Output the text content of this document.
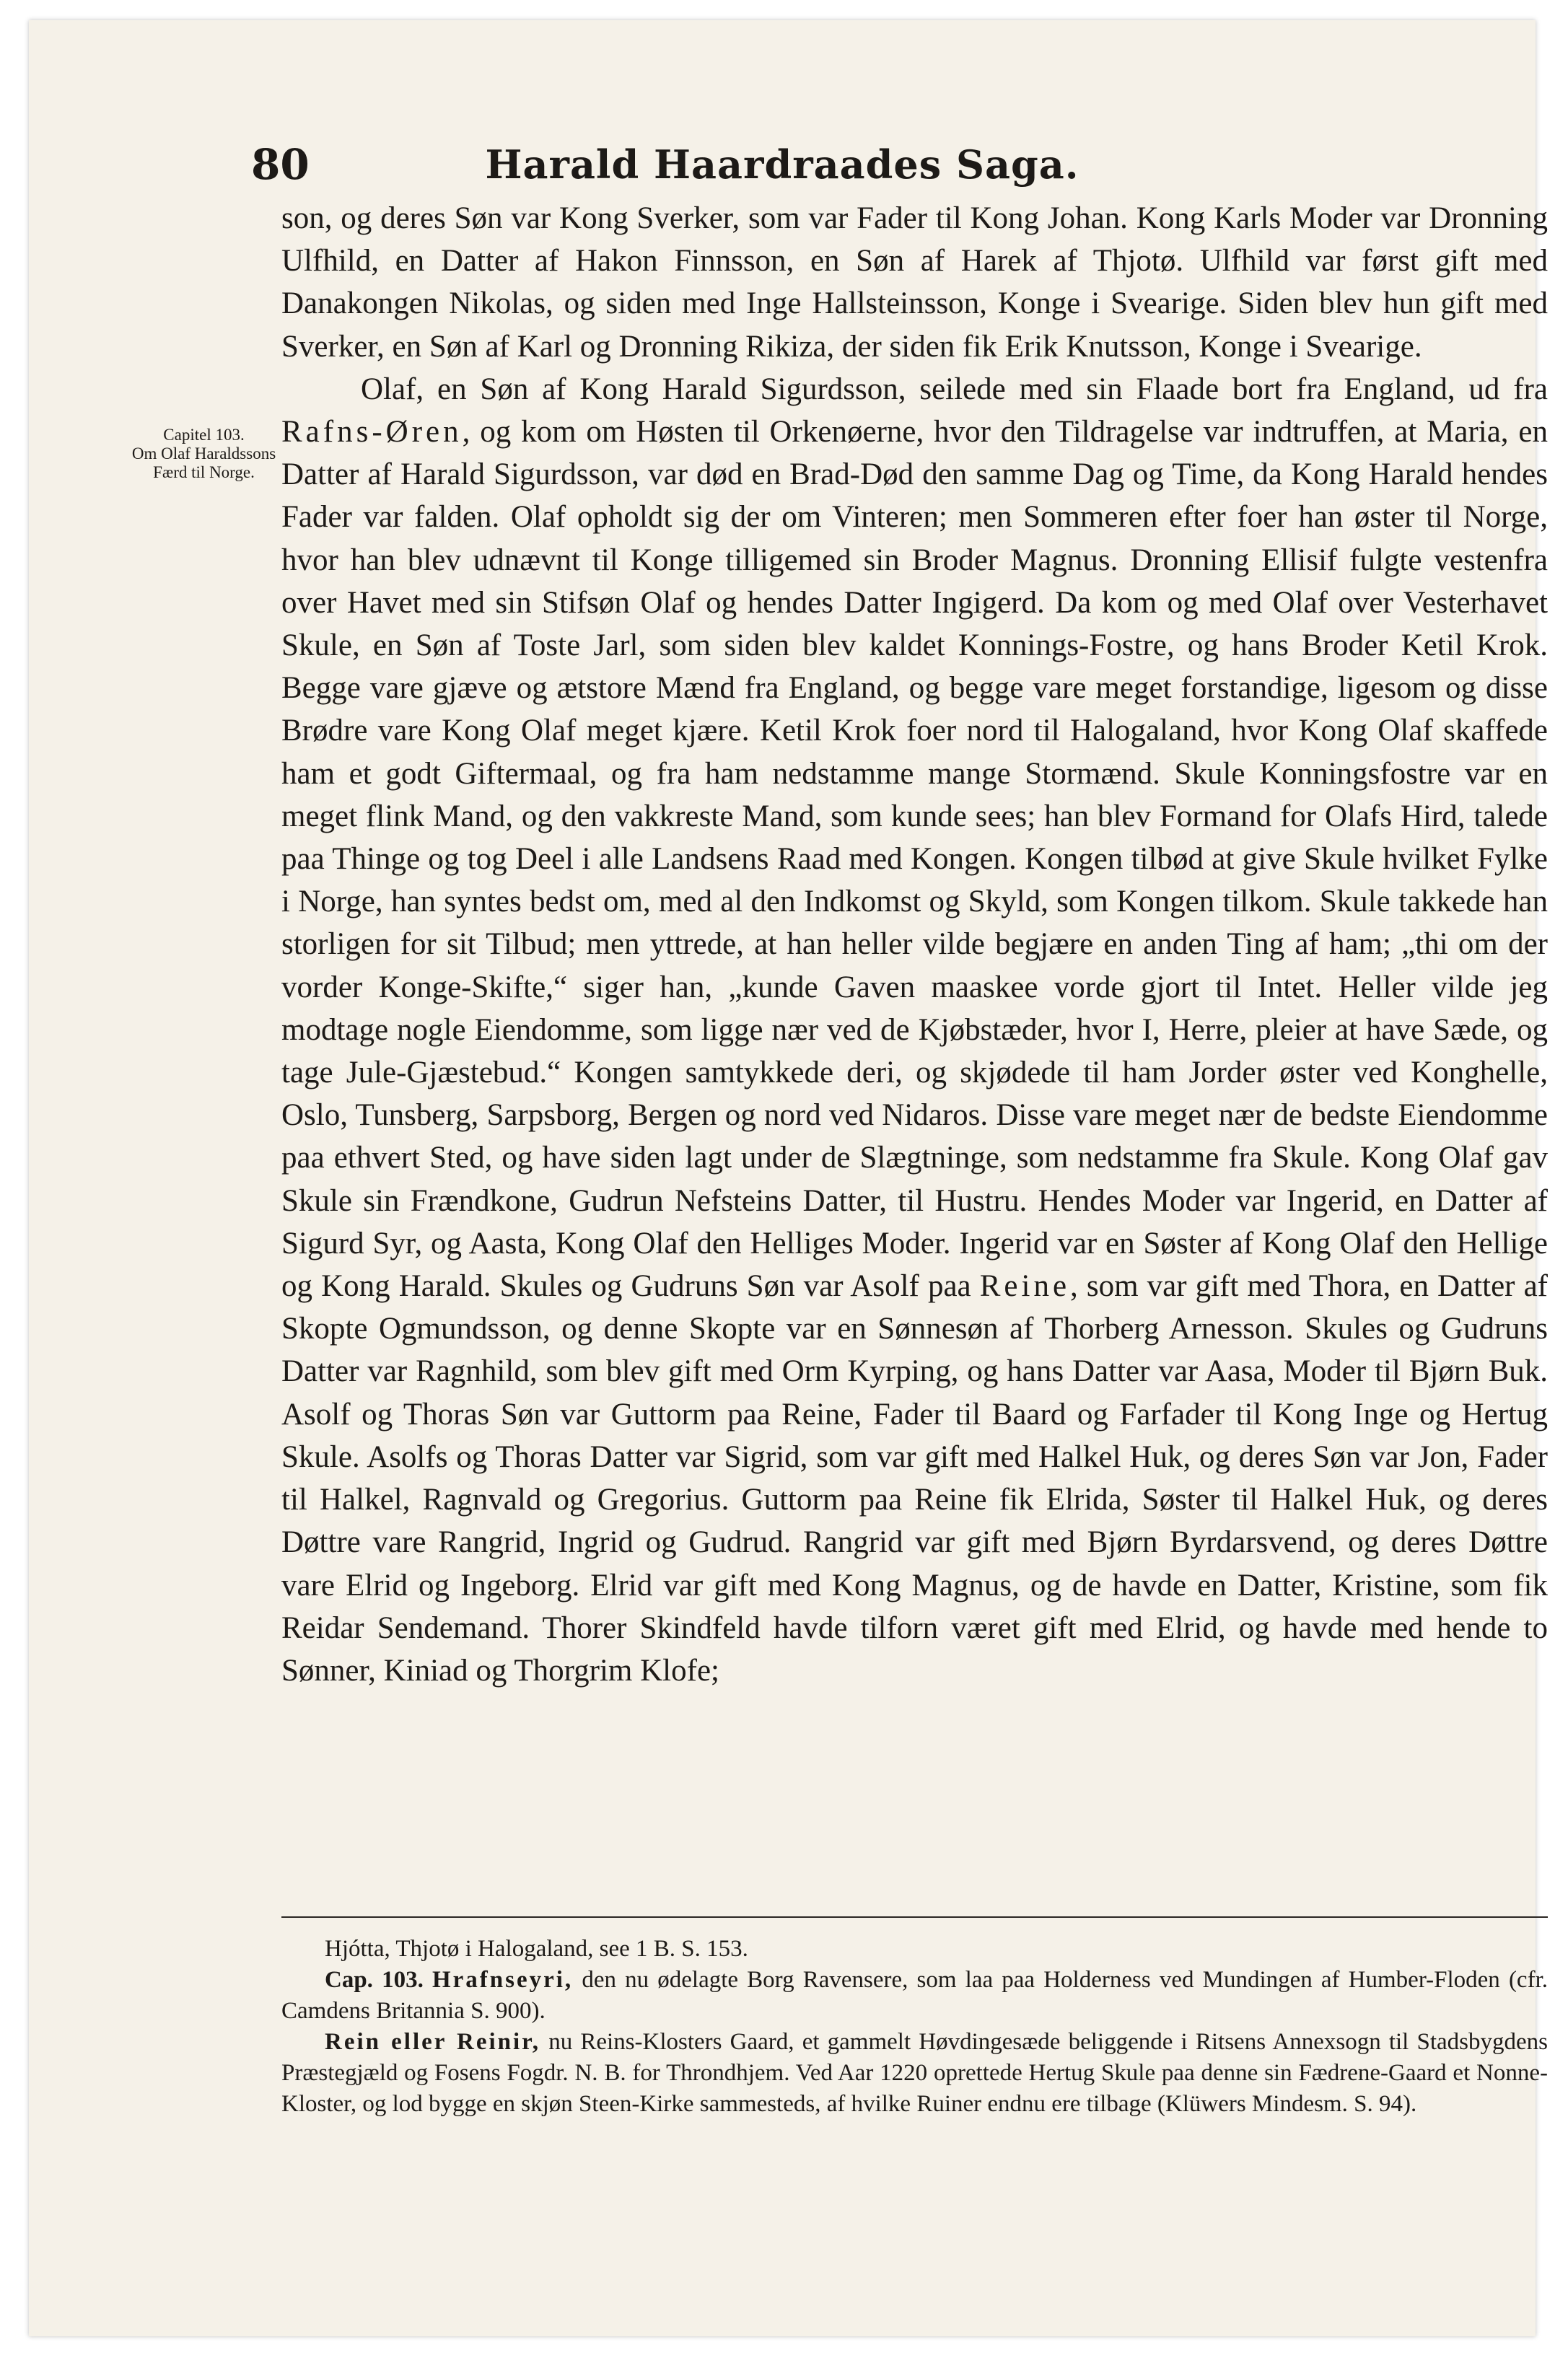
80	Harald Haardraades Saga.
Capitel 103.
Om Olaf Haraldssons Færd til Norge.

son, og deres Søn var Kong Sverker, som var Fader til Kong Johan. Kong Karls Moder var Dronning Ulfhild, en Datter af Hakon Finnsson, en Søn af Harek af Thjotø. Ulfhild var først gift med Danakongen Nikolas, og siden med Inge Hallsteinsson, Konge i Svearige. Siden blev hun gift med Sverker, en Søn af Karl og Dronning Rikiza, der siden fik Erik Knutsson, Konge i Svearige.

Olaf, en Søn af Kong Harald Sigurdsson, seilede med sin Flaade bort fra England, ud fra Rafns-Øren, og kom om Høsten til Orkenøerne, hvor den Tildragelse var indtruffen, at Maria, en Datter af Harald Sigurdsson, var død en Brad-Død den samme Dag og Time, da Kong Harald hendes Fader var falden. Olaf opholdt sig der om Vinteren; men Sommeren efter foer han øster til Norge, hvor han blev udnævnt til Konge tilligemed sin Broder Magnus. Dronning Ellisif fulgte vestenfra over Havet med sin Stifsøn Olaf og hendes Datter Ingigerd. Da kom og med Olaf over Vesterhavet Skule, en Søn af Toste Jarl, som siden blev kaldet Konnings-Fostre, og hans Broder Ketil Krok. Begge vare gjæve og ætstore Mænd fra England, og begge vare meget forstandige, ligesom og disse Brødre vare Kong Olaf meget kjære. Ketil Krok foer nord til Halogaland, hvor Kong Olaf skaffede ham et godt Giftermaal, og fra ham nedstamme mange Stormænd. Skule Konningsfostre var en meget flink Mand, og den vakkreste Mand, som kunde sees; han blev Formand for Olafs Hird, talede paa Thinge og tog Deel i alle Landsens Raad med Kongen. Kongen tilbød at give Skule hvilket Fylke i Norge, han syntes bedst om, med al den Indkomst og Skyld, som Kongen tilkom. Skule takkede han storligen for sit Tilbud; men yttrede, at han heller vilde begjære en anden Ting af ham; „thi om der vorder Konge-Skifte,“ siger han, „kunde Gaven maaskee vorde gjort til Intet. Heller vilde jeg modtage nogle Eiendomme, som ligge nær ved de Kjøbstæder, hvor I, Herre, pleier at have Sæde, og tage Jule-Gjæstebud.“ Kongen samtykkede deri, og skjødede til ham Jorder øster ved Konghelle, Oslo, Tunsberg, Sarpsborg, Bergen og nord ved Nidaros. Disse vare meget nær de bedste Eiendomme paa ethvert Sted, og have siden lagt under de Slægtninge, som nedstamme fra Skule. Kong Olaf gav Skule sin Frændkone, Gudrun Nefsteins Datter, til Hustru. Hendes Moder var Ingerid, en Datter af Sigurd Syr, og Aasta, Kong Olaf den Helliges Moder. Ingerid var en Søster af Kong Olaf den Hellige og Kong Harald. Skules og Gudruns Søn var Asolf paa Reine, som var gift med Thora, en Datter af Skopte Ogmundsson, og denne Skopte var en Sønnesøn af Thorberg Arnesson. Skules og Gudruns Datter var Ragnhild, som blev gift med Orm Kyrping, og hans Datter var Aasa, Moder til Bjørn Buk. Asolf og Thoras Søn var Guttorm paa Reine, Fader til Baard og Farfader til Kong Inge og Hertug Skule. Asolfs og Thoras Datter var Sigrid, som var gift med Halkel Huk, og deres Søn var Jon, Fader til Halkel, Ragnvald og Gregorius. Guttorm paa Reine fik Elrida, Søster til Halkel Huk, og deres Døttre vare Rangrid, Ingrid og Gudrud. Rangrid var gift med Bjørn Byrdarsvend, og deres Døttre vare Elrid og Ingeborg. Elrid var gift med Kong Magnus, og de havde en Datter, Kristine, som fik Reidar Sendemand. Thorer Skindfeld havde tilforn været gift med Elrid, og havde med hende to Sønner, Kiniad og Thorgrim Klofe;

Hjótta, Thjotø i Halogaland, see 1 B. S. 153.

Cap. 103. Hrafnseyri, den nu ødelagte Borg Ravensere, som laa paa Holderness ved Mundingen af Humber-Floden (cfr. Camdens Britannia S. 900).

Rein eller Reinir, nu Reins-Klosters Gaard, et gammelt Høvdingesæde beliggende i Ritsens Annexsogn til Stadsbygdens Præstegjæld og Fosens Fogdr. N. B. for Throndhjem. Ved Aar 1220 oprettede Hertug Skule paa denne sin Fædrene-Gaard et Nonne-Kloster, og lod bygge en skjøn Steen-Kirke sammesteds, af hvilke Ruiner endnu ere tilbage (Klüwers Mindesm. S. 94).
